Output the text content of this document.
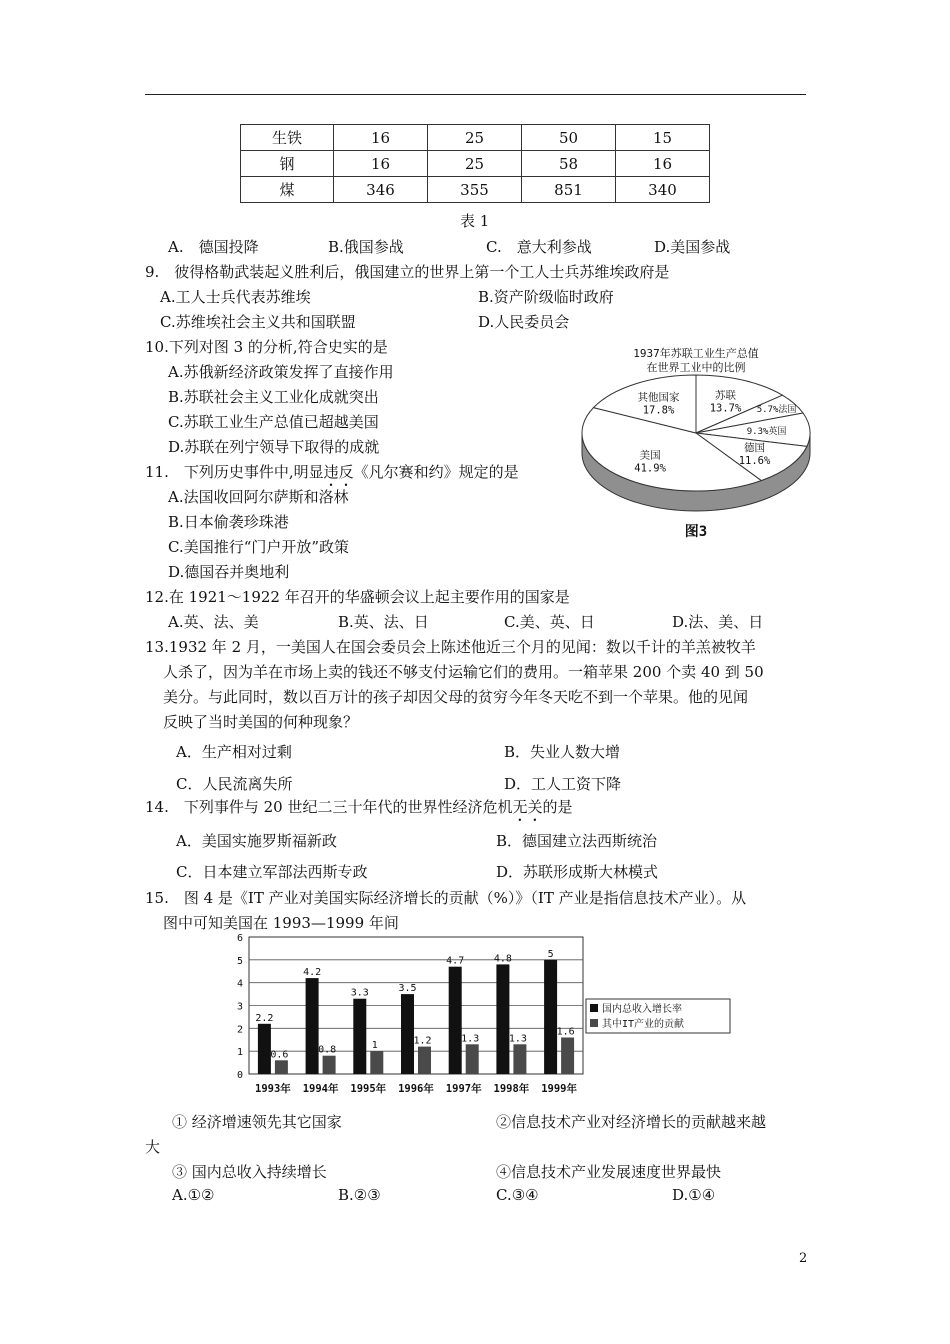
生铁	16	25	50	15
钢	16	25	58	16
煤	346	355	851	340
表 1
A.　德国投降	B.俄国参战	C.　意大利参战	D.美国参战
9.　彼得格勒武装起义胜利后，俄国建立的世界上第一个工人士兵苏维埃政府是
A.工人士兵代表苏维埃	B.资产阶级临时政府
C.苏维埃社会主义共和国联盟	D.人民委员会
10.下列对图 3 的分析,符合史实的是
A.苏俄新经济政策发挥了直接作用
B.苏联社会主义工业化成就突出
C.苏联工业生产总值已超越美国
D.苏联在列宁领导下取得的成就
1937年苏联工业生产总值
在世界工业中的比例
苏联
13.7% 5.7%法国
9.3%英国
德国
11.6%
美国
41.9%
其他国家
17.8%
图3
11.　下列历史事件中,明显违反《凡尔赛和约》规定的是
A.法国收回阿尔萨斯和洛林
B.日本偷袭珍珠港
C.美国推行“门户开放”政策
D.德国吞并奥地利
12.在 1921～1922 年召开的华盛顿会议上起主要作用的国家是
A.英、法、美	B.英、法、日	C.美、英、日	D.法、美、日
13.1932 年 2 月，一美国人在国会委员会上陈述他近三个月的见闻：数以千计的羊羔被牧羊
人杀了，因为羊在市场上卖的钱还不够支付运输它们的费用。一箱苹果 200 个卖 40 到 50
美分。与此同时，数以百万计的孩子却因父母的贫穷今年冬天吃不到一个苹果。他的见闻
反映了当时美国的何种现象？
A．生产相对过剩	B．失业人数大增
C．人民流离失所	D．工人工资下降
14.　下列事件与 20 世纪二三十年代的世界性经济危机无关的是
A．美国实施罗斯福新政	B．德国建立法西斯统治
C．日本建立军部法西斯专政	D．苏联形成斯大林模式
15.　图 4 是《IT 产业对美国实际经济增长的贡献（%）》（IT 产业是指信息技术产业）。从
图中可知美国在 1993—1999 年间
0
1
2
3
4
5
6
2.2
0.6
4.2
0.8
3.3
1
3.5
1.2
4.7
1.3
4.8
1.3
5
1.6
1993年 1994年 1995年 1996年 1997年 1998年 1999年
国内总收入增长率
其中IT产业的贡献
① 经济增速领先其它国家	②信息技术产业对经济增长的贡献越来越
大
③ 国内总收入持续增长	④信息技术产业发展速度世界最快
A.①②	B.②③	C.③④	D.①④
2
